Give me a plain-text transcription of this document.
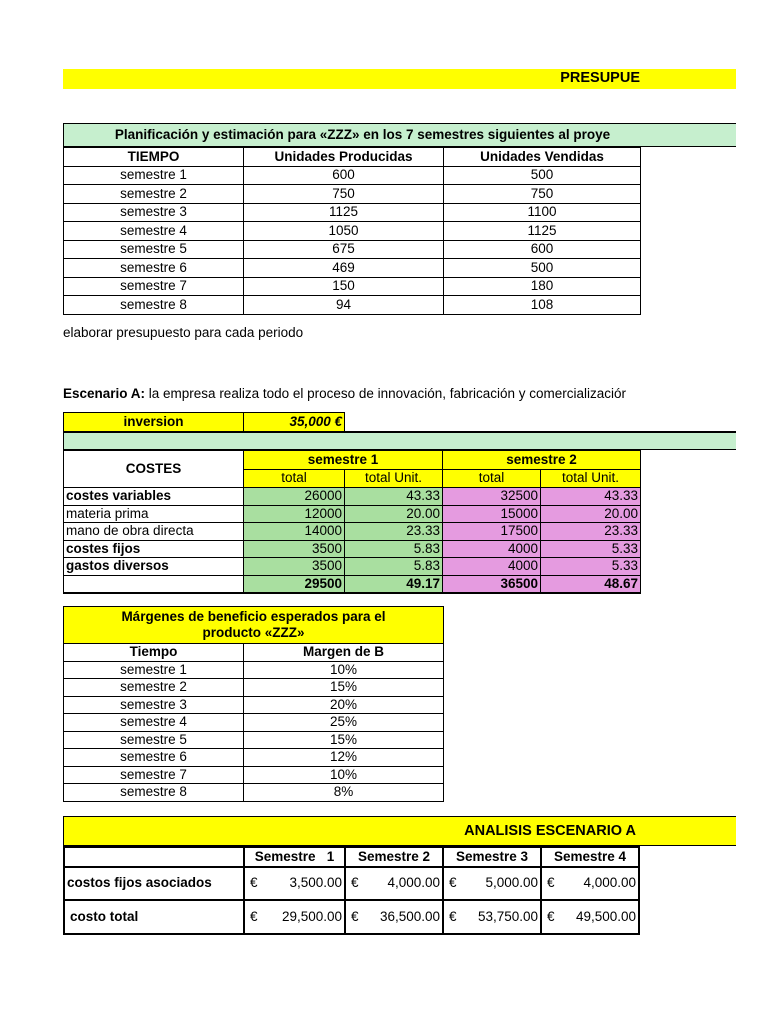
PRESUPUE
Planificación y estimación para «ZZZ» en los 7 semestres siguientes al proye
TIEMPO	Unidades Producidas	Unidades Vendidas
semestre 1	600	500
semestre 2	750	750
semestre 3	1125	1100
semestre 4	1050	1125
semestre 5	675	600
semestre 6	469	500
semestre 7	150	180
semestre 8	94	108
elaborar presupuesto para cada periodo
Escenario A: la empresa realiza todo el proceso de innovación, fabricación y comercializaciór
inversion	35,000 €
COSTES	semestre 1		semestre 2	
	total	total Unit.	total	total Unit.
costes variables	26000	43.33	32500	43.33
materia prima	12000	20.00	15000	20.00
mano de obra directa	14000	23.33	17500	23.33
costes fijos	3500	5.83	4000	5.33
gastos diversos	3500	5.83	4000	5.33
	29500	49.17	36500	48.67
Márgenes de beneficio esperados para el producto «ZZZ»	
Tiempo	Margen de B
semestre 1	10%
semestre 2	15%
semestre 3	20%
semestre 4	25%
semestre 5	15%
semestre 6	12%
semestre 7	10%
semestre 8	8%
ANALISIS ESCENARIO A
	Semestre   1	Semestre 2	Semestre 3	Semestre 4
costos fijos asociados	€ 3,500.00	€ 4,000.00	€ 5,000.00	€ 4,000.00

costo total	€ 29,500.00	€ 36,500.00	€ 53,750.00	€ 49,500.00
